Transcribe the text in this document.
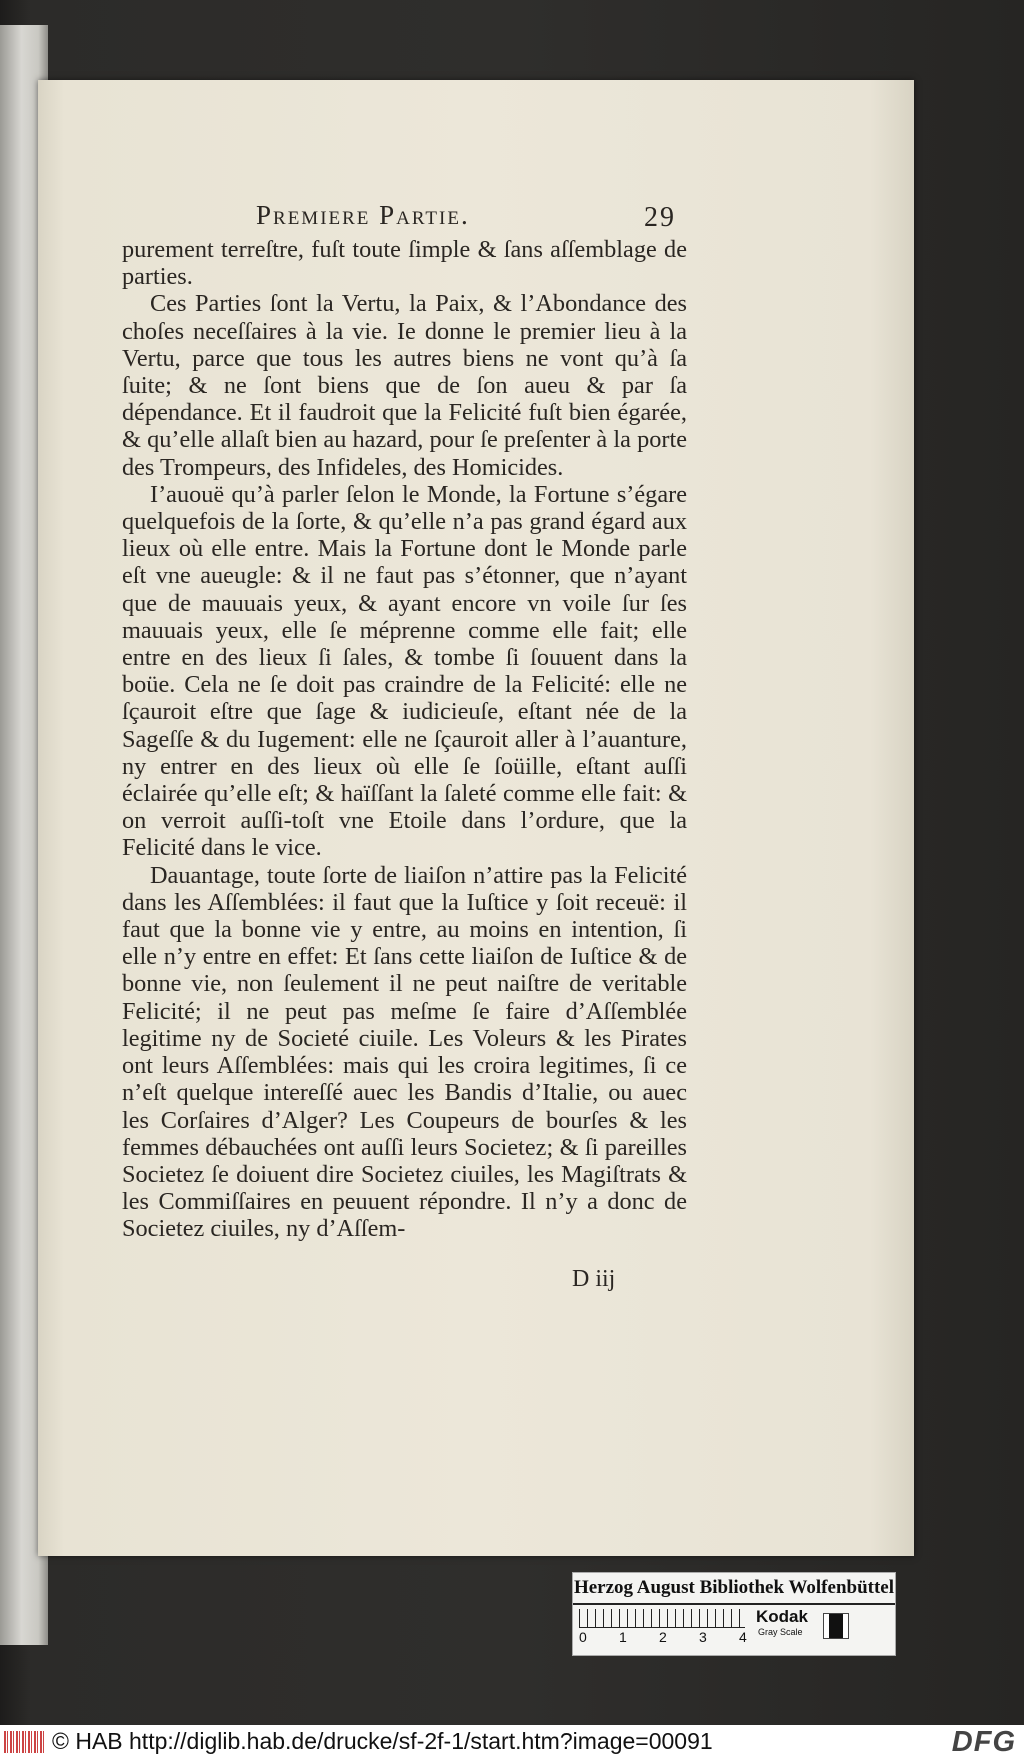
Premiere Partie.	29

purement terreſtre, fuſt toute ſimple & ſans aſſemblage de parties.

Ces Parties ſont la Vertu, la Paix, & l’Abondance des choſes neceſſaires à la vie. Ie donne le premier lieu à la Vertu, parce que tous les autres biens ne vont qu’à ſa ſuite; & ne ſont biens que de ſon aueu & par ſa dépendance. Et il faudroit que la Felicité fuſt bien égarée, & qu’elle allaſt bien au hazard, pour ſe preſenter à la porte des Trompeurs, des Infideles, des Homicides.

I’auouë qu’à parler ſelon le Monde, la Fortune s’égare quelquefois de la ſorte, & qu’elle n’a pas grand égard aux lieux où elle entre. Mais la Fortune dont le Monde parle eſt vne aueugle: & il ne faut pas s’étonner, que n’ayant que de mauuais yeux, & ayant encore vn voile ſur ſes mauuais yeux, elle ſe méprenne comme elle fait; elle entre en des lieux ſi ſales, & tombe ſi ſouuent dans la boüe. Cela ne ſe doit pas craindre de la Felicité: elle ne ſçauroit eſtre que ſage & iudicieuſe, eſtant née de la Sageſſe & du Iugement: elle ne ſçauroit aller à l’auanture, ny entrer en des lieux où elle ſe ſoüille, eſtant auſſi éclairée qu’elle eſt; & haïſſant la ſaleté comme elle fait: & on verroit auſſi-toſt vne Etoile dans l’ordure, que la Felicité dans le vice.

Dauantage, toute ſorte de liaiſon n’attire pas la Felicité dans les Aſſemblées: il faut que la Iuſtice y ſoit receuë: il faut que la bonne vie y entre, au moins en intention, ſi elle n’y entre en effet: Et ſans cette liaiſon de Iuſtice & de bonne vie, non ſeulement il ne peut naiſtre de veritable Felicité; il ne peut pas meſme ſe faire d’Aſſemblée legitime ny de Societé ciuile. Les Voleurs & les Pirates ont leurs Aſſemblées: mais qui les croira legitimes, ſi ce n’eſt quelque intereſſé auec les Bandis d’Italie, ou auec les Corſaires d’Alger? Les Coupeurs de bourſes & les femmes débauchées ont auſſi leurs Societez; & ſi pareilles Societez ſe doiuent dire Societez ciuiles, les Magiſtrats & les Commiſſaires en peuuent répondre. Il n’y a donc de Societez ciuiles, ny d’Aſſem-

D iij
Herzog August Bibliothek Wolfenbüttel
0 1 2 3 4
Kodak
Gray Scale
© HAB http://diglib.hab.de/drucke/sf-2f-1/start.htm?image=00091	DFG
